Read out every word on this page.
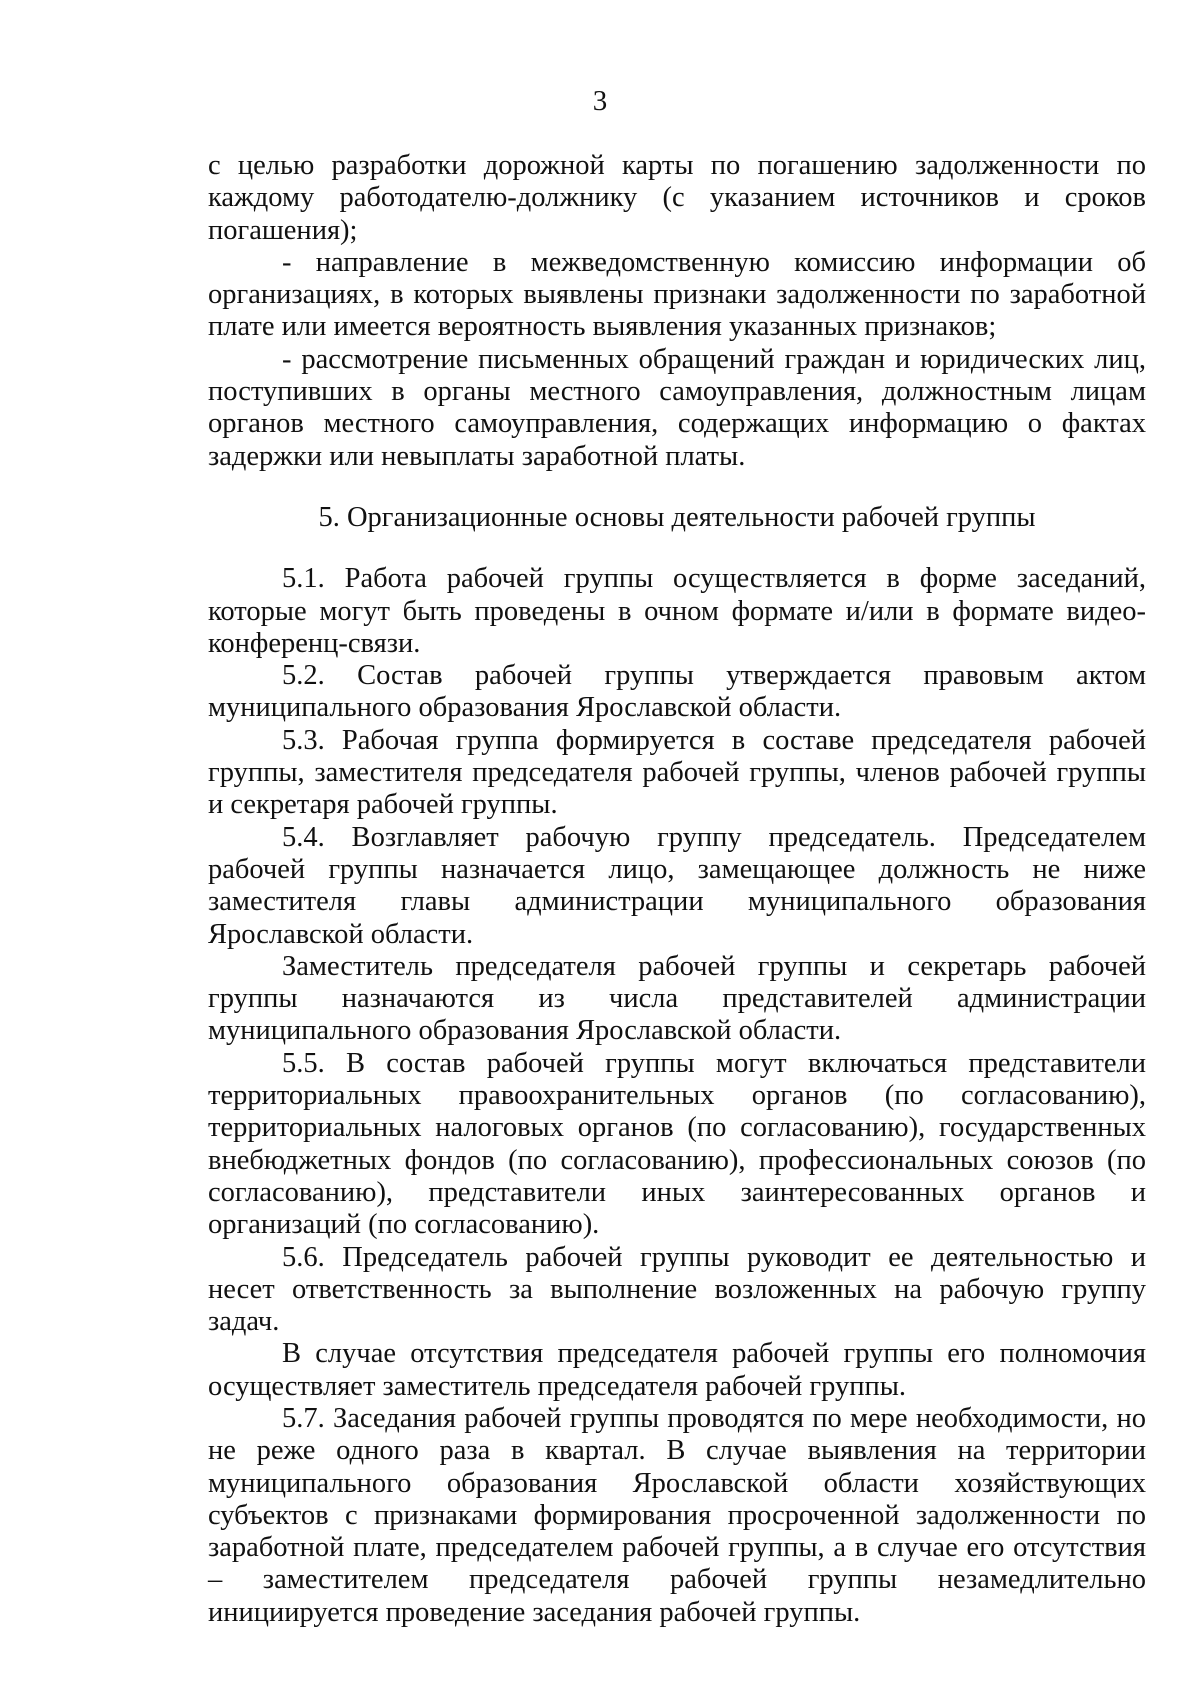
3

с целью разработки дорожной карты по погашению задолженности по каждому работодателю-должнику (с указанием источников и сроков погашения);

- направление в межведомственную комиссию информации об организациях, в которых выявлены признаки задолженности по заработной плате или имеется вероятность выявления указанных признаков;

- рассмотрение письменных обращений граждан и юридических лиц, поступивших в органы местного самоуправления, должностным лицам органов местного самоуправления, содержащих информацию о фактах задержки или невыплаты заработной платы.

5. Организационные основы деятельности рабочей группы

5.1. Работа рабочей группы осуществляется в форме заседаний, которые могут быть проведены в очном формате и/или в формате видео-конференц-связи.

5.2. Состав рабочей группы утверждается правовым актом муниципального образования Ярославской области.

5.3. Рабочая группа формируется в составе председателя рабочей группы, заместителя председателя рабочей группы, членов рабочей группы и секретаря рабочей группы.

5.4. Возглавляет рабочую группу председатель. Председателем рабочей группы назначается лицо, замещающее должность не ниже заместителя главы администрации муниципального образования Ярославской области.

Заместитель председателя рабочей группы и секретарь рабочей группы назначаются из числа представителей администрации муниципального образования Ярославской области.

5.5. В состав рабочей группы могут включаться представители территориальных правоохранительных органов (по согласованию), территориальных налоговых органов (по согласованию), государственных внебюджетных фондов (по согласованию), профессиональных союзов (по согласованию), представители иных заинтересованных органов и организаций (по согласованию).

5.6. Председатель рабочей группы руководит ее деятельностью и несет ответственность за выполнение возложенных на рабочую группу задач.

В случае отсутствия председателя рабочей группы его полномочия осуществляет заместитель председателя рабочей группы.

5.7. Заседания рабочей группы проводятся по мере необходимости, но не реже одного раза в квартал. В случае выявления на территории муниципального образования Ярославской области хозяйствующих субъектов с признаками формирования просроченной задолженности по заработной плате, председателем рабочей группы, а в случае его отсутствия – заместителем председателя рабочей группы незамедлительно инициируется проведение заседания рабочей группы.
